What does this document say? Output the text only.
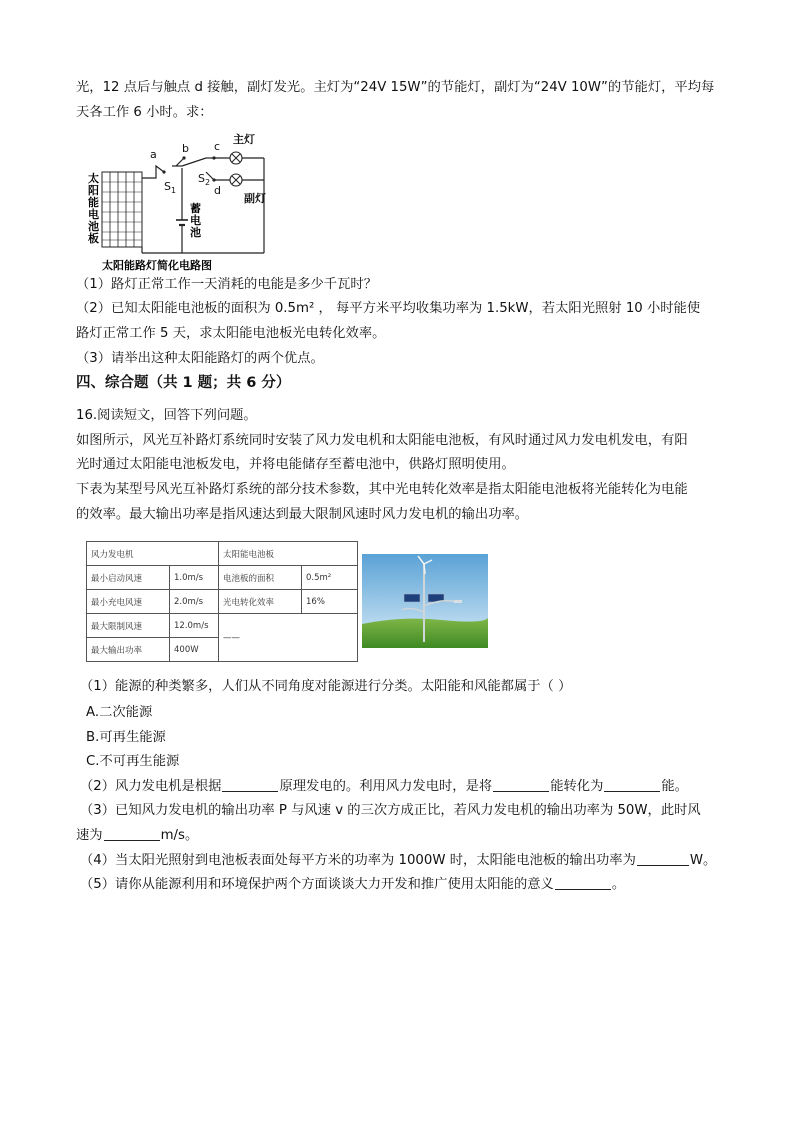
光，12 点后与触点 d 接触，副灯发光。主灯为“24V 15W”的节能灯，副灯为“24V 10W”的节能灯，平均每
天各工作 6 小时。求：
太阳能电池板
a b c
d
$S_1$
$S_2$
主灯
副灯
蓄电池
太阳能路灯简化电路图
（1）路灯正常工作一天消耗的电能是多少千瓦时？
（2）已知太阳能电池板的面积为 0.5m² ， 每平方米平均收集功率为 1.5kW，若太阳光照射 10 小时能使
路灯正常工作 5 天，求太阳能电池板光电转化效率。
（3）请举出这种太阳能路灯的两个优点。
四、综合题（共 1 题；共 6 分）
16.阅读短文，回答下列问题。
如图所示，风光互补路灯系统同时安装了风力发电机和太阳能电池板，有风时通过风力发电机发电，有阳
光时通过太阳能电池板发电，并将电能储存至蓄电池中，供路灯照明使用。
下表为某型号风光互补路灯系统的部分技术参数，其中光电转化效率是指太阳能电池板将光能转化为电能
的效率。最大输出功率是指风速达到最大限制风速时风力发电机的输出功率。
风力发电机		太阳能电池板	
最小启动风速	1.0m/s	电池板的面积	0.5m²
最小充电风速	2.0m/s	光电转化效率	16%
最大限制风速	12.0m/s	——	
最大输出功率	400W		
（1）能源的种类繁多，人们从不同角度对能源进行分类。太阳能和风能都属于（ ）
A.二次能源
B.可再生能源
C.不可再生能源
（2）风力发电机是根据	原理发电的。利用风力发电时，是将	能转化为	能。
（3）已知风力发电机的输出功率 P 与风速 v 的三次方成正比，若风力发电机的输出功率为 50W，此时风
速为	m/s。
（4）当太阳光照射到电池板表面处每平方米的功率为 1000W 时，太阳能电池板的输出功率为	W。
（5）请你从能源利用和环境保护两个方面谈谈大力开发和推广使用太阳能的意义	。
